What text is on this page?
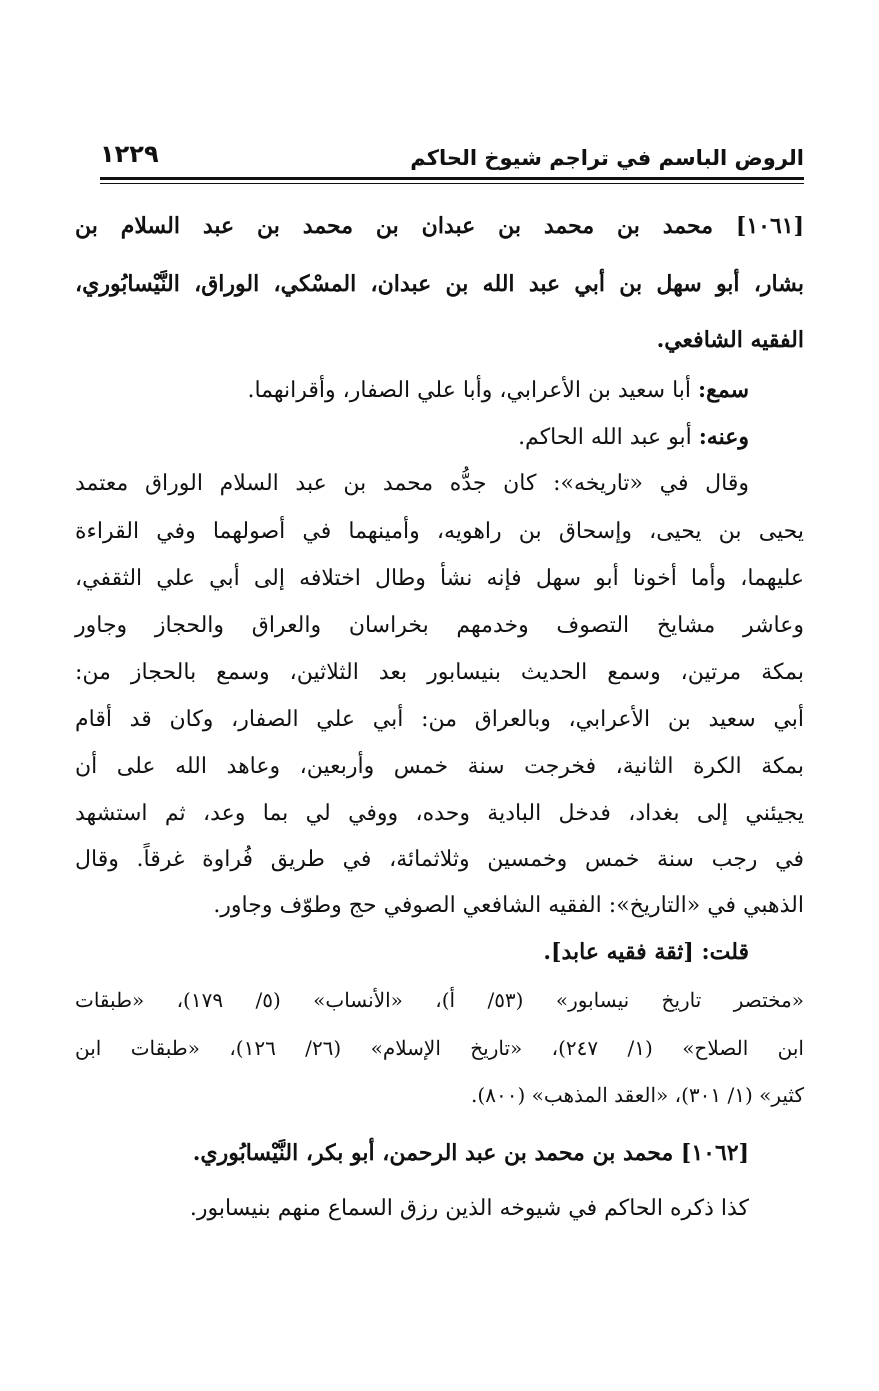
الروض الباسم في تراجم شيوخ الحاكم
١٢٢٩
[١٠٦١] محمد بن محمد بن عبدان بن محمد بن عبد السلام بن
بشار، أبو سهل بن أبي عبد الله بن عبدان، المسْكي، الوراق، النَّيْسابُوري،
الفقيه الشافعي.
سمع: أبا سعيد بن الأعرابي، وأبا علي الصفار، وأقرانهما.
وعنه: أبو عبد الله الحاكم.
وقال في «تاريخه»: كان جدُّه محمد بن عبد السلام الوراق معتمد
يحيى بن يحيى، وإسحاق بن راهويه، وأمينهما في أصولهما وفي القراءة
عليهما، وأما أخونا أبو سهل فإنه نشأ وطال اختلافه إلى أبي علي الثقفي،
وعاشر مشايخ التصوف وخدمهم بخراسان والعراق والحجاز وجاور
بمكة مرتين، وسمع الحديث بنيسابور بعد الثلاثين، وسمع بالحجاز من:
أبي سعيد بن الأعرابي، وبالعراق من: أبي علي الصفار، وكان قد أقام
بمكة الكرة الثانية، فخرجت سنة خمس وأربعين، وعاهد الله على أن
يجيئني إلى بغداد، فدخل البادية وحده، ووفي لي بما وعد، ثم استشهد
في رجب سنة خمس وخمسين وثلاثمائة، في طريق فُراوة غرقاً. وقال
الذهبي في «التاريخ»: الفقيه الشافعي الصوفي حج وطوّف وجاور.
قلت: [ثقة فقيه عابد].
«مختصر تاريخ نيسابور» (٥٣/ أ)، «الأنساب» (٥/ ١٧٩)، «طبقات
ابن الصلاح» (١/ ٢٤٧)، «تاريخ الإسلام» (٢٦/ ١٢٦)، «طبقات ابن
كثير» (١/ ٣٠١)، «العقد المذهب» (٨٠٠).
[١٠٦٢] محمد بن محمد بن عبد الرحمن، أبو بكر، النَّيْسابُوري.
كذا ذكره الحاكم في شيوخه الذين رزق السماع منهم بنيسابور.
